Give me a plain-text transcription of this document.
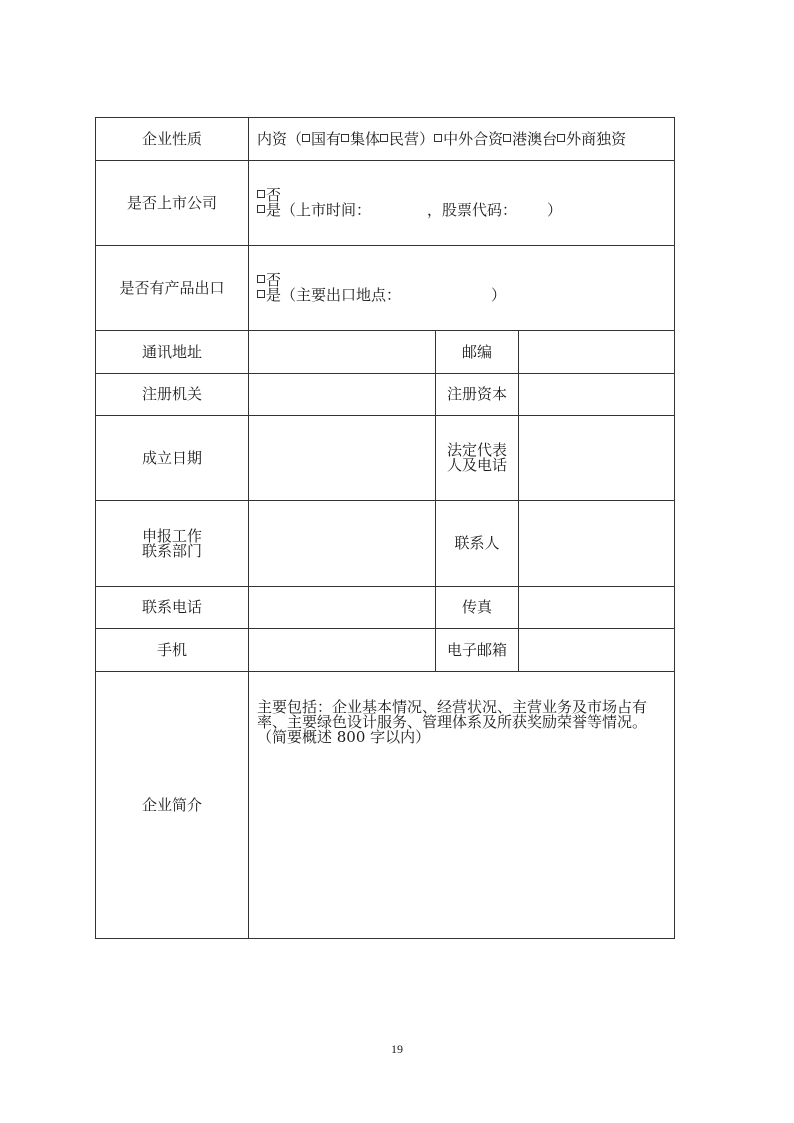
企业性质	内资（ 国有 集体 民营） 中外合资 港澳台 外商独资		
是否上市公司	否
是（上市时间： ，股票代码： ）		

是否有产品出口	否
是（主要出口地点： ）		

通讯地址		邮编	
注册机关		注册资本	
成立日期		法定代表
人及电话	

申报工作
联系部门		联系人	
联系电话		传真	
手机		电子邮箱	
企业简介	主要包括：企业基本情况、经营状况、主营业务及市场占有
率、主要绿色设计服务、管理体系及所获奖励荣誉等情况。
（简要概述 800 字以内）		

19
